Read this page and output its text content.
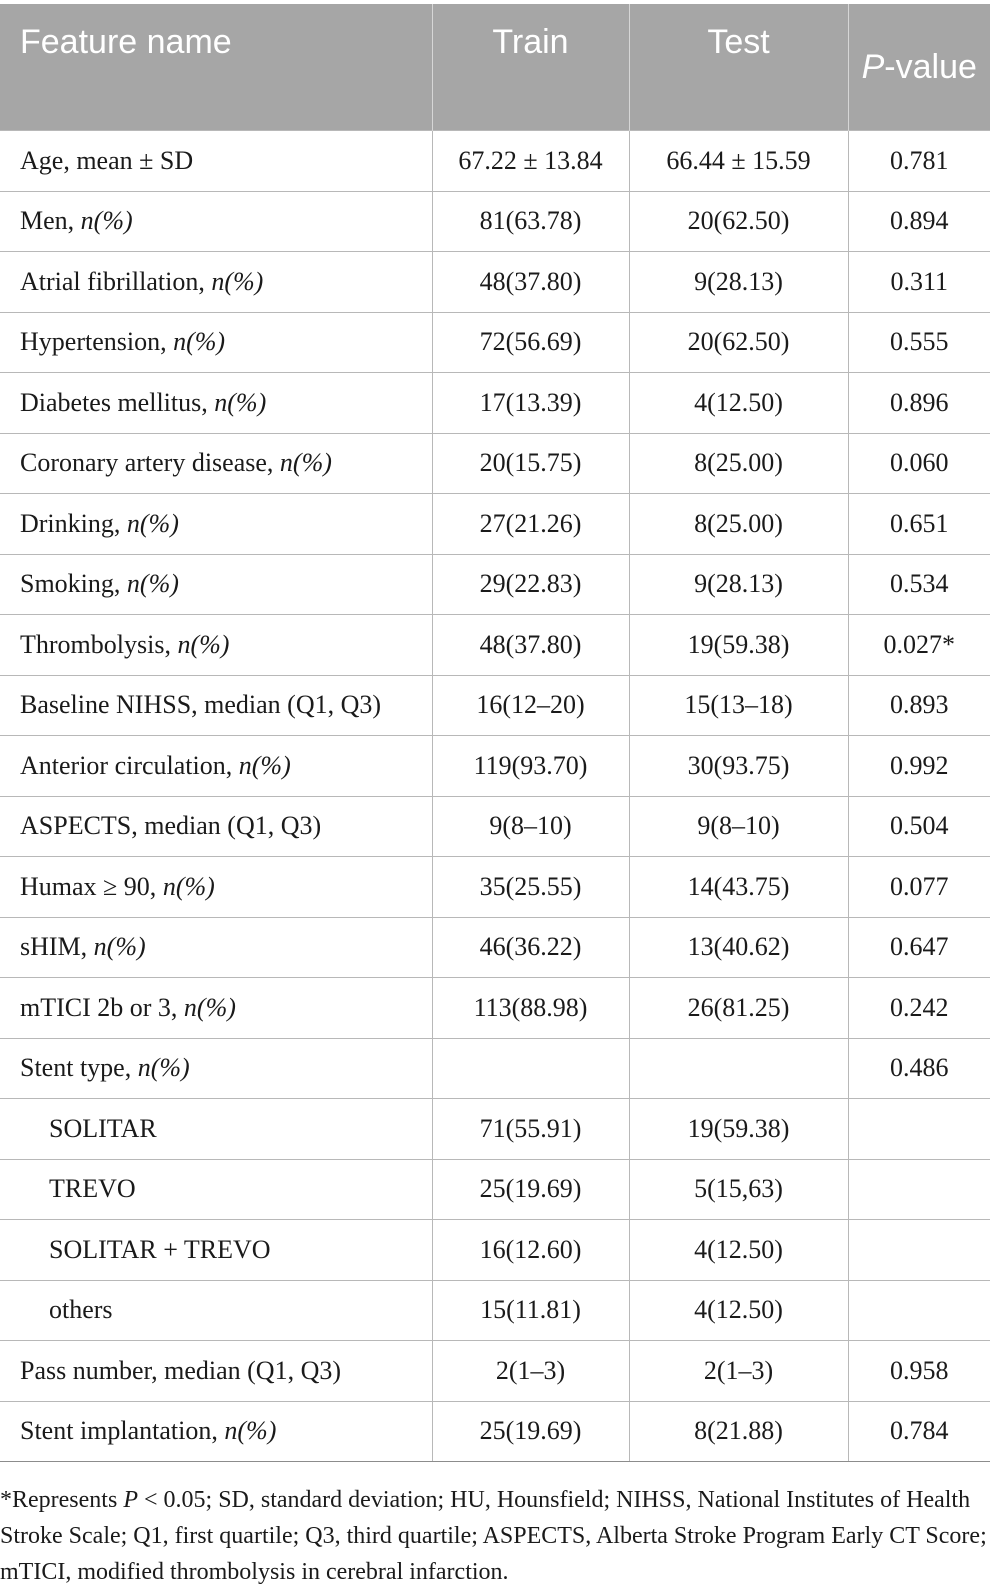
Feature name	Train	Test	P-value
Age, mean ± SD	67.22 ± 13.84	66.44 ± 15.59	0.781
Men, n(%)	81(63.78)	20(62.50)	0.894
Atrial fibrillation, n(%)	48(37.80)	9(28.13)	0.311
Hypertension, n(%)	72(56.69)	20(62.50)	0.555
Diabetes mellitus, n(%)	17(13.39)	4(12.50)	0.896
Coronary artery disease, n(%)	20(15.75)	8(25.00)	0.060
Drinking, n(%)	27(21.26)	8(25.00)	0.651
Smoking, n(%)	29(22.83)	9(28.13)	0.534
Thrombolysis, n(%)	48(37.80)	19(59.38)	0.027*
Baseline NIHSS, median (Q1, Q3)	16(12–20)	15(13–18)	0.893
Anterior circulation, n(%)	119(93.70)	30(93.75)	0.992
ASPECTS, median (Q1, Q3)	9(8–10)	9(8–10)	0.504
Humax ≥ 90, n(%)	35(25.55)	14(43.75)	0.077
sHIM, n(%)	46(36.22)	13(40.62)	0.647
mTICI 2b or 3, n(%)	113(88.98)	26(81.25)	0.242
Stent type, n(%)			0.486
SOLITAR	71(55.91)	19(59.38)	
TREVO	25(19.69)	5(15,63)	
SOLITAR + TREVO	16(12.60)	4(12.50)	
others	15(11.81)	4(12.50)	
Pass number, median (Q1, Q3)	2(1–3)	2(1–3)	0.958
Stent implantation, n(%)	25(19.69)	8(21.88)	0.784

*Represents P < 0.05; SD, standard deviation; HU, Hounsfield; NIHSS, National Institutes of Health Stroke Scale; Q1, first quartile; Q3, third quartile; ASPECTS, Alberta Stroke Program Early CT Score; mTICI, modified thrombolysis in cerebral infarction.
